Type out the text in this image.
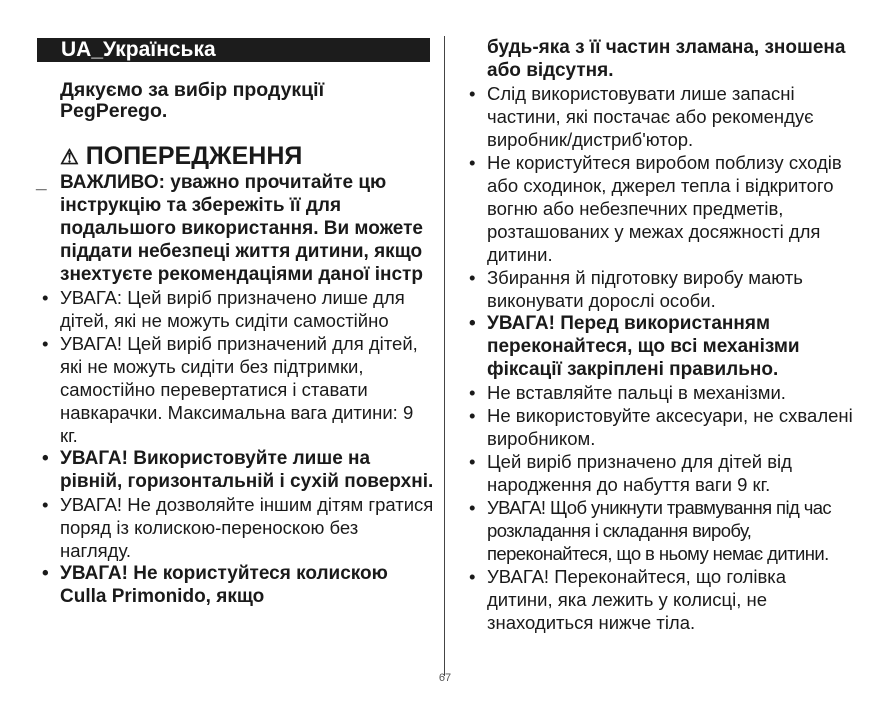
UA_Українська
Дякуємо за вибір продукції PegPerego.
⚠ ПОПЕРЕДЖЕННЯ
_ ВАЖЛИВО: уважно прочитайте цю інструкцію та збережіть її для подальшого використання. Ви можете піддати небезпеці життя дитини, якщо знехтуєте рекомендаціями даної інстр
• УВАГА: Цей виріб призначено лише для дітей, які не можуть сидіти самостійно
• УВАГА! Цей виріб призначений для дітей, які не можуть сидіти без підтримки, самостійно перевертатися і ставати навкарачки. Максимальна вага дитини: 9 кг.
• УВАГА! Використовуйте лише на рівній, горизонтальній і сухій поверхні.
• УВАГА! Не дозволяйте іншим дітям гратися поряд із колискою-переноскою без нагляду.
• УВАГА! Не користуйтеся колискою Culla Primonido, якщо
будь-яка з її частин зламана, зношена або відсутня.
• Слід використовувати лише запасні частини, які постачає або рекомендує виробник/дистриб'ютор.
• Не користуйтеся виробом поблизу сходів або сходинок, джерел тепла і відкритого вогню або небезпечних предметів, розташованих у межах досяжності для дитини.
• Збирання й підготовку виробу мають виконувати дорослі особи.
• УВАГА! Перед використанням переконайтеся, що всі механізми фіксації закріплені правильно.
• Не вставляйте пальці в механізми.
• Не використовуйте аксесуари, не схвалені виробником.
• Цей виріб призначено для дітей від народження до набуття ваги 9 кг.
• УВАГА! Щоб уникнути травмування під час розкладання і складання виробу, переконайтеся, що в ньому немає дитини.
• УВАГА! Переконайтеся, що голівка дитини, яка лежить у колисці, не знаходиться нижче тіла.
67
